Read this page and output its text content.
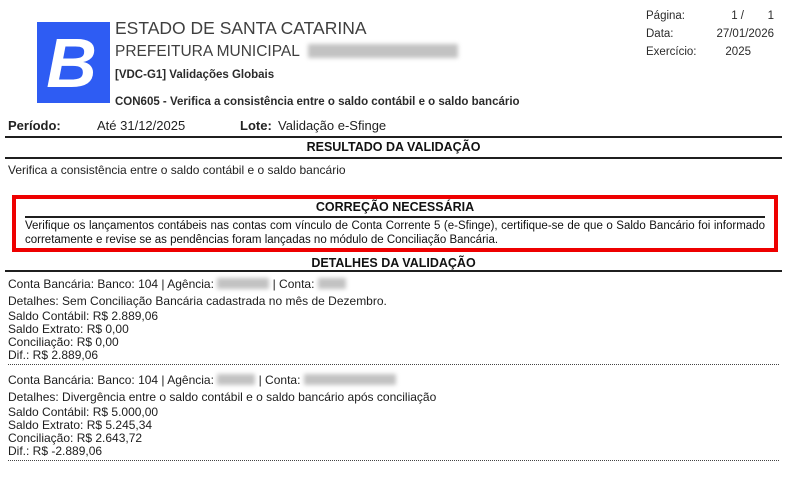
B ESTADO DE SANTA CATARINA
PREFEITURA MUNICIPAL
[VDC-G1] Validações Globais
CON605 - Verifica a consistência entre o saldo contábil e o saldo bancário
Página:	1 / 1
Data:	27/01/2026
Exercício:	2025
Período:	Até 31/12/2025	Lote: Validação e-Sfinge
RESULTADO DA VALIDAÇÃO
Verifica a consistência entre o saldo contábil e o saldo bancário
CORREÇÃO NECESSÁRIA
Verifique os lançamentos contábeis nas contas com vínculo de Conta Corrente 5 (e-Sfinge), certifique-se de que o Saldo Bancário foi informado corretamente e revise se as pendências foram lançadas no módulo de Conciliação Bancária.
DETALHES DA VALIDAÇÃO
Conta Bancária: Banco: 104 | Agência:	| Conta:
Detalhes: Sem Conciliação Bancária cadastrada no mês de Dezembro.
Saldo Contábil: R$ 2.889,06
Saldo Extrato: R$ 0,00
Conciliação: R$ 0,00
Dif.: R$ 2.889,06
Conta Bancária: Banco: 104 | Agência:	| Conta:
Detalhes: Divergência entre o saldo contábil e o saldo bancário após conciliação
Saldo Contábil: R$ 5.000,00
Saldo Extrato: R$ 5.245,34
Conciliação: R$ 2.643,72
Dif.: R$ -2.889,06
